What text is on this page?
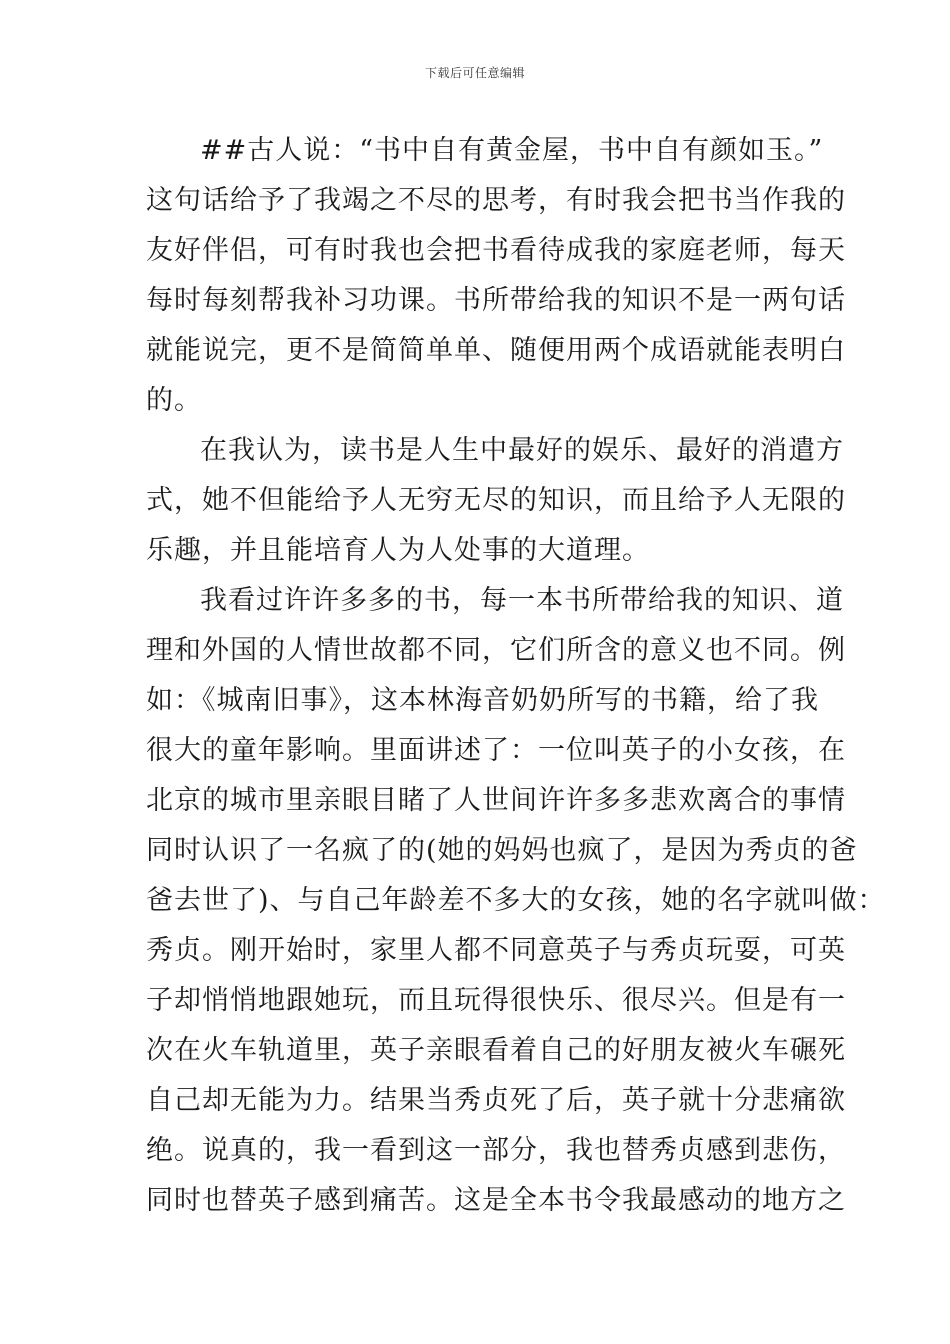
下载后可任意编辑
##古人说：“书中自有黄金屋，书中自有颜如玉。”
这句话给予了我竭之不尽的思考，有时我会把书当作我的
友好伴侣，可有时我也会把书看待成我的家庭老师，每天
每时每刻帮我补习功课。书所带给我的知识不是一两句话
就能说完，更不是简简单单、随便用两个成语就能表明白
的。
在我认为，读书是人生中最好的娱乐、最好的消遣方
式，她不但能给予人无穷无尽的知识，而且给予人无限的
乐趣，并且能培育人为人处事的大道理。
我看过许许多多的书，每一本书所带给我的知识、道
理和外国的人情世故都不同，它们所含的意义也不同。例
如：《城南旧事》，这本林海音奶奶所写的书籍，给了我
很大的童年影响。里面讲述了：一位叫英子的小女孩，在
北京的城市里亲眼目睹了人世间许许多多悲欢离合的事情
同时认识了一名疯了的(她的妈妈也疯了，是因为秀贞的爸
爸去世了)、与自己年龄差不多大的女孩，她的名字就叫做：
秀贞。刚开始时，家里人都不同意英子与秀贞玩耍，可英
子却悄悄地跟她玩，而且玩得很快乐、很尽兴。但是有一
次在火车轨道里，英子亲眼看着自己的好朋友被火车碾死
自己却无能为力。结果当秀贞死了后，英子就十分悲痛欲
绝。说真的，我一看到这一部分，我也替秀贞感到悲伤，
同时也替英子感到痛苦。这是全本书令我最感动的地方之
